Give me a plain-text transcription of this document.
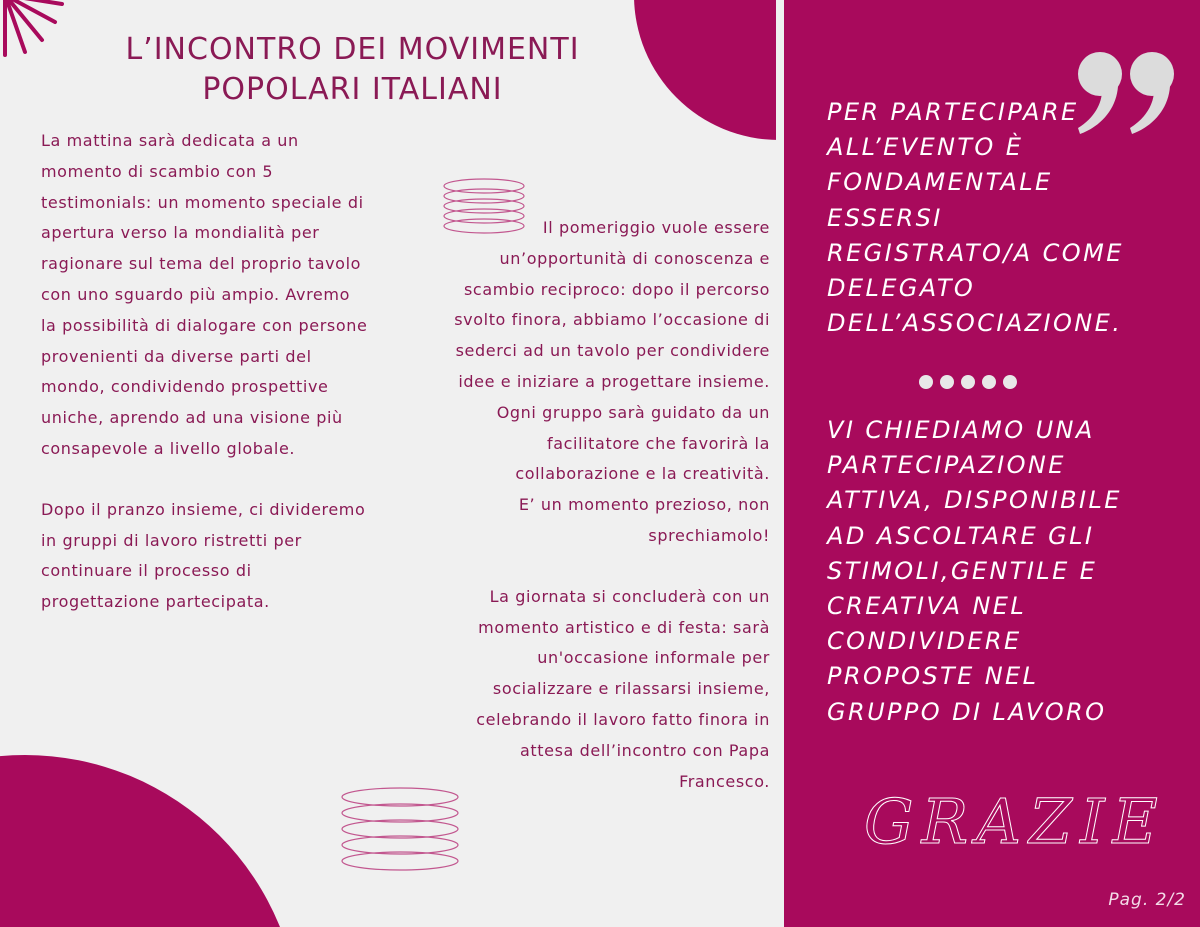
L’INCONTRO DEI MOVIMENTI
POPOLARI ITALIANI

La mattina sarà dedicata a un
momento di scambio con 5
testimonials: un momento speciale di
apertura verso la mondialità per
ragionare sul tema del proprio tavolo
con uno sguardo più ampio. Avremo
la possibilità di dialogare con persone
provenienti da diverse parti del
mondo, condividendo prospettive
uniche, aprendo ad una visione più
consapevole a livello globale.

Dopo il pranzo insieme, ci divideremo
in gruppi di lavoro ristretti per
continuare il processo di
progettazione partecipata.

Il pomeriggio vuole essere
un’opportunità di conoscenza e
scambio reciproco: dopo il percorso
svolto finora, abbiamo l’occasione di
sederci ad un tavolo per condividere
idee e iniziare a progettare insieme.
Ogni gruppo sarà guidato da un
facilitatore che favorirà la
collaborazione e la creatività.
E’ un momento prezioso, non
sprechiamolo!

La giornata si concluderà con un
momento artistico e di festa: sarà
un'occasione informale per
socializzare e rilassarsi insieme,
celebrando il lavoro fatto finora in
attesa dell’incontro con Papa
Francesco.

PER PARTECIPARE
ALL’EVENTO È
FONDAMENTALE
ESSERSI
REGISTRATO/A COME
DELEGATO
DELL’ASSOCIAZIONE.
VI CHIEDIAMO UNA
PARTECIPAZIONE
ATTIVA, DISPONIBILE
AD ASCOLTARE GLI
STIMOLI,GENTILE E
CREATIVA NEL
CONDIVIDERE
PROPOSTE NEL
GRUPPO DI LAVORO
GRAZIE
Pag. 2/2
